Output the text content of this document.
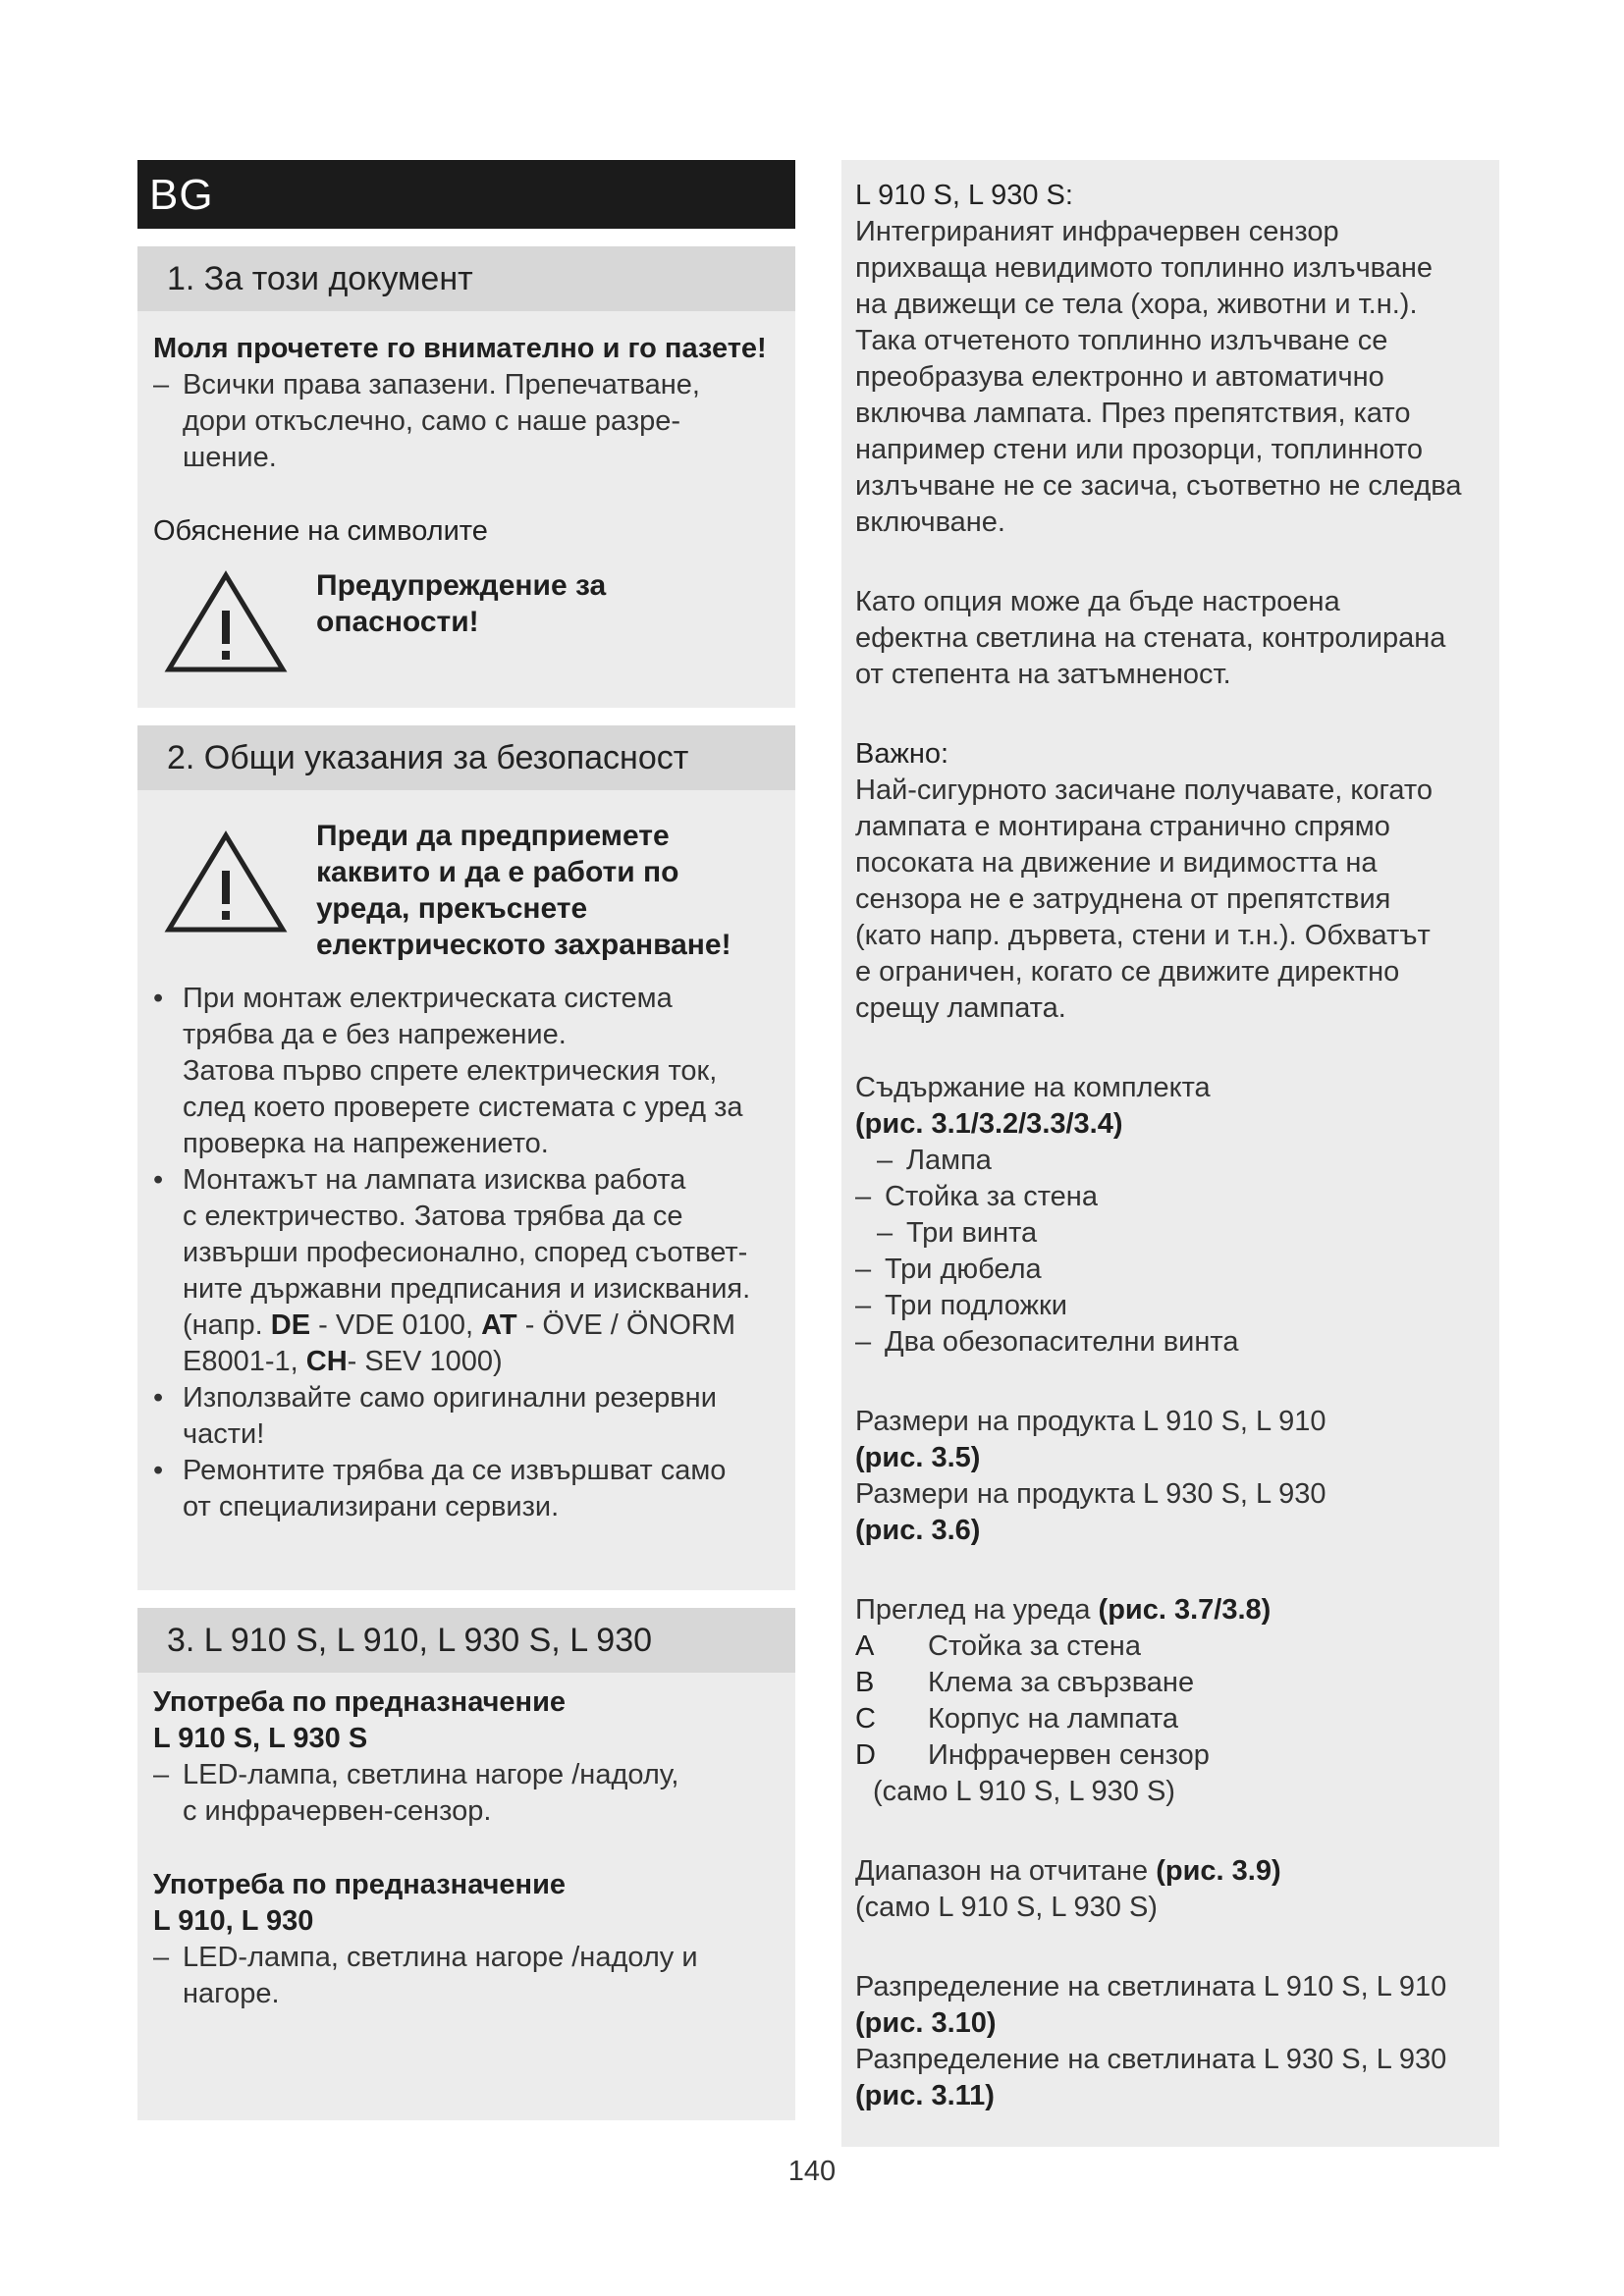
BG
1. За този документ

Моля прочетете го внимателно и го пазете!

– Всички права запазени. Препечатване,
дори откъслечно, само с наше разре-
шение.

Обяснение на символите

Предупреждение за
опасности!
2. Общи указания за безопасност
Преди да предприемете
каквито и да е работи по
уреда, прекъснете
електрическото захранване!
• При монтаж електрическата система
трябва да е без напрежение.
Затова първо спрете електрическия ток,
след което проверете системата с уред за
проверка на напрежението.
• Монтажът на лампата изисква работа
с електричество. Затова трябва да се
извърши професионално, според съответ-
ните държавни предписания и изисквания.
(напр. DE - VDE 0100, AT - ÖVE / ÖNORM
E8001-1, CH- SEV 1000)
• Използвайте само оригинални резервни
части!
• Ремонтите трябва да се извършват само
от специализирани сервизи.
3. L 910 S, L 910, L 930 S, L 930

Употреба по предназначение
L 910 S, L 930 S

– LED-лампа, светлина нагоре /надолу,
с инфрачервен-сензор.

Употреба по предназначение
L 910, L 930

– LED-лампа, светлина нагоре /надолу и
нагоре.

L 910 S, L 930 S:

Интегрираният инфрачервен сензор
прихваща невидимото топлинно излъчване
на движещи се тела (хора, животни и т.н.).
Така отчетеното топлинно излъчване се
преобразува електронно и автоматично
включва лампата. През препятствия, като
например стени или прозорци, топлинното
излъчване не се засича, съответно не следва
включване.

Като опция може да бъде настроена
ефектна светлина на стената, контролирана
от степента на затъмненост.

Важно:

Най-сигурното засичане получавате, когато
лампата е монтирана странично спрямо
посоката на движение и видимостта на
сензора не е затруднена от препятствия
(като напр. дървета, стени и т.н.). Обхватът
е ограничен, когато се движите директно
срещу лампата.

Съдържание на комплекта

(рис. 3.1/3.2/3.3/3.4)

– Лампа
– Стойка за стена
– Три винта
– Три дюбела
– Три подложки
– Два обезопасителни винта

Размери на продукта L 910 S, L 910

(рис. 3.5)

Размери на продукта L 930 S, L 930

(рис. 3.6)

Преглед на уреда (рис. 3.7/3.8)

A	Стойка за стена
B	Клема за свързване
C	Корпус на лампата
D	Инфрачервен сензор

(само L 910 S, L 930 S)

Диапазон на отчитане (рис. 3.9)

(само L 910 S, L 930 S)

Разпределение на светлината L 910 S, L 910

(рис. 3.10)

Разпределение на светлината L 930 S, L 930

(рис. 3.11)

140
